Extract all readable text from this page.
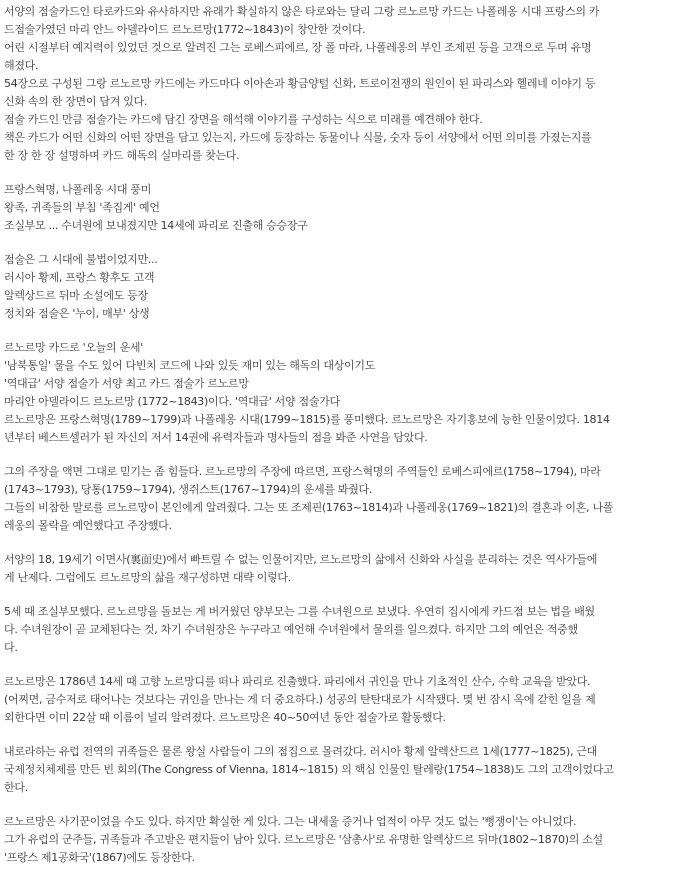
서양의 점술카드인 타로카드와 유사하지만 유래가 확실하지 않은 타로와는 달리 그랑 르노르망 카드는 나폴레옹 시대 프랑스의 카
드점술가였던 마리 안느 아델라이드 르노르망(1772~1843)이 창안한 것이다.
어린 시절부터 예지력이 있었던 것으로 알려진 그는 로베스피에르, 장 폴 마라, 나폴레옹의 부인 조제핀 등을 고객으로 두며 유명
해졌다.
54장으로 구성된 그랑 르노르망 카드에는 카드마다 이아손과 황금양털 신화, 트로이전쟁의 원인이 된 파리스와 헬레네 이야기 등
신화 속의 한 장면이 담겨 있다.
점술 카드인 만큼 점술가는 카드에 담긴 장면을 해석해 이야기를 구성하는 식으로 미래를 예견해야 한다.
책은 카드가 어떤 신화의 어떤 장면을 담고 있는지, 카드에 등장하는 동물이나 식물, 숫자 등이 서양에서 어떤 의미를 가졌는지를
한 장 한 장 설명하며 카드 해독의 실마리를 찾는다.
프랑스혁명, 나폴레옹 시대 풍미
왕족, 귀족들의 부침 '족집게' 예언
조실부모 ... 수녀원에 보내졌지만 14세에 파리로 진출해 승승장구
점술은 그 시대에 불법이었지만...
러시아 황제, 프랑스 황후도 고객
알렉상드르 뒤마 소설에도 등장
정치와 점술은 '누이, 매부' 상생
르노르망 카드로 '오늘의 운세'
'남북통일' 물을 수도 있어 다빈치 코드에 나와 있듯 재미 있는 해독의 대상이기도
'역대급' 서양 점술가 서양 최고 카드 점술가 르노르망
마리안 아델라이드 르노르망 (1772~1843)이다. '역대급' 서양 점술가다
르노르망은 프랑스혁명(1789~1799)과 나폴레옹 시대(1799~1815)를 풍미했다. 르노르망은 자기홍보에 능한 인물이었다. 1814
년부터 베스트셀러가 된 자신의 저서 14권에 유력자들과 명사들의 점을 봐준 사연을 담았다.
그의 주장을 액면 그대로 믿기는 좀 힘들다. 르노르망의 주장에 따르면, 프랑스혁명의 주역들인 로베스피에르(1758~1794), 마라
(1743~1793), 당통(1759~1794), 생쥐스트(1767~1794)의 운세를 봐줬다.
그들의 비참한 말로를 르노르망이 본인에게 알려줬다. 그는 또 조제핀(1763~1814)과 나폴레옹(1769~1821)의 결혼과 이혼, 나폴
레옹의 몰락을 예언했다고 주장했다.
서양의 18, 19세기 이면사(裏面史)에서 빠트릴 수 없는 인물이지만, 르노르망의 삶에서 신화와 사실을 분리하는 것은 역사가들에
게 난제다. 그럼에도 르노르망의 삶을 재구성하면 대략 이렇다.
5세 때 조실부모했다. 르노르망을 돌보는 게 버거웠던 양부모는 그를 수녀원으로 보냈다. 우연히 집시에게 카드점 보는 법을 배웠
다. 수녀원장이 곧 교체된다는 것, 차기 수녀원장은 누구라고 예언해 수녀원에서 물의를 일으켰다. 하지만 그의 예언은 적중했
다.
르노르망은 1786년 14세 때 고향 노르망디를 떠나 파리로 진출했다. 파리에서 귀인을 만나 기초적인 산수, 수학 교육을 받았다.
(어찌면, 금수저로 태어나는 것보다는 귀인을 만나는 게 더 중요하다.) 성공의 탄탄대로가 시작됐다. 몇 번 잠시 옥에 갇힌 일을 제
외한다면 이미 22살 때 이름이 널리 알려졌다. 르노르망은 40~50여년 동안 점술가로 활동했다.
내로라하는 유럽 전역의 귀족들은 물론 왕실 사람들이 그의 점집으로 몰려갔다. 러시아 황제 알렉산드르 1세(1777~1825), 근대
국제정치체제를 만든 빈 회의(The Congress of Vienna, 1814~1815) 의 핵심 인물인 탈레랑(1754~1838)도 그의 고객이었다고
한다.
르노르망은 사기꾼이었을 수도 있다. 하지만 확실한 게 있다. 그는 내세울 증거나 업적이 아무 것도 없는 '뻥쟁이'는 아니었다.
그가 유럽의 군주들, 귀족들과 주고받은 편지들이 남아 있다. 르노르망은 '삼총사'로 유명한 알렉상드르 뒤마(1802~1870)의 소설
'프랑스 제1공화국'(1867)에도 등장한다.
